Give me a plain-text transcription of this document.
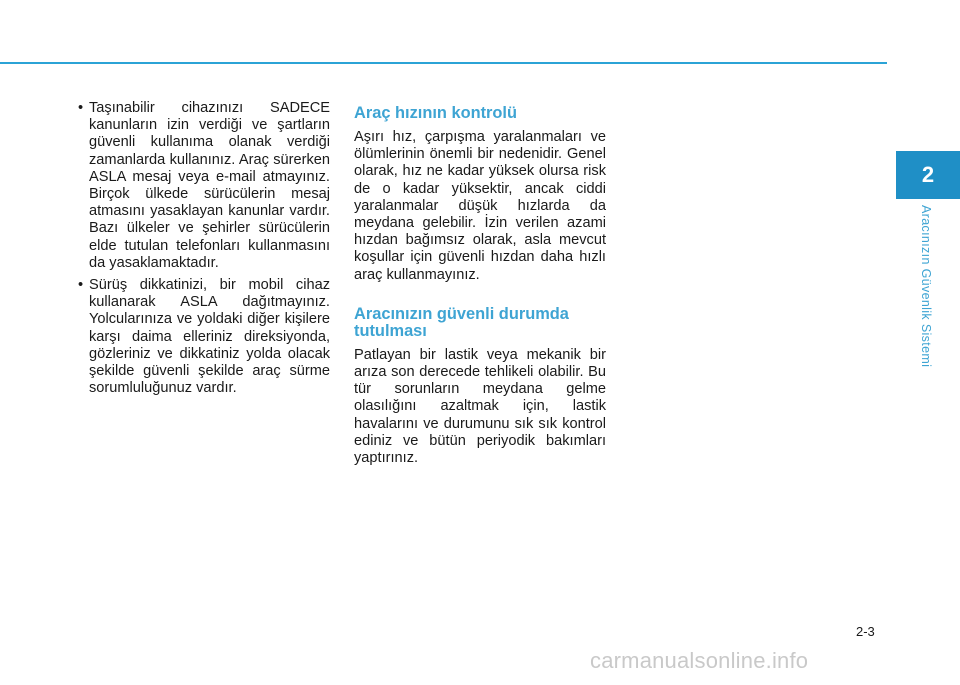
• Taşınabilir cihazınızı SADECE kanunların izin verdiği ve şartların güvenli kullanıma olanak verdiği zamanlarda kullanınız. Araç sürerken ASLA mesaj veya e-mail atmayınız. Birçok ülkede sürücülerin mesaj atmasını yasaklayan kanunlar vardır. Bazı ülkeler ve şehirler sürücülerin elde tutulan telefonları kullanmasını da yasaklamaktadır.
• Sürüş dikkatinizi, bir mobil cihaz kullanarak ASLA dağıtmayınız. Yolcularınıza ve yoldaki diğer kişilere karşı daima elleriniz direksiyonda, gözleriniz ve dikkatiniz yolda olacak şekilde güvenli şekilde araç sürme sorumluluğunuz vardır.
Araç hızının kontrolü

Aşırı hız, çarpışma yaralanmaları ve ölümlerinin önemli bir nedenidir. Genel olarak, hız ne kadar yüksek olursa risk de o kadar yüksektir, ancak ciddi yaralanmalar düşük hızlarda da meydana gelebilir. İzin verilen azami hızdan bağımsız olarak, asla mevcut koşullar için güvenli hızdan daha hızlı araç kullanmayınız.

Aracınızın güvenli durumda tutulması

Patlayan bir lastik veya mekanik bir arıza son derecede tehlikeli olabilir. Bu tür sorunların meydana gelme olasılığını azaltmak için, lastik havalarını ve durumunu sık sık kontrol ediniz ve bütün periyodik bakımları yaptırınız.

2
Aracınızın Güvenlik Sistemi
2-3
carmanualsonline.info
